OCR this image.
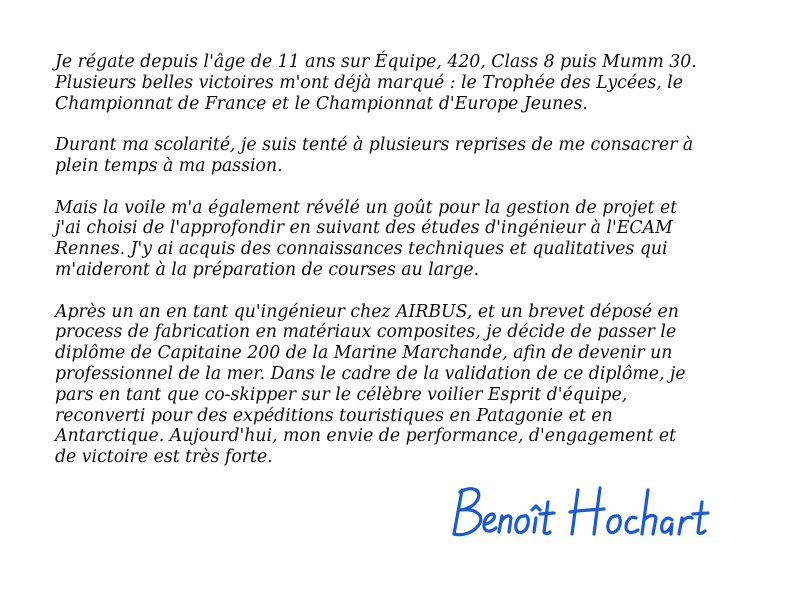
Je régate depuis l'âge de 11 ans sur Équipe, 420, Class 8 puis Mumm 30.
Plusieurs belles victoires m'ont déjà marqué : le Trophée des Lycées, le
Championnat de France et le Championnat d'Europe Jeunes.

Durant ma scolarité, je suis tenté à plusieurs reprises de me consacrer à
plein temps à ma passion.

Mais la voile m'a également révélé un goût pour la gestion de projet et
j'ai choisi de l'approfondir en suivant des études d'ingénieur à l'ECAM
Rennes. J'y ai acquis des connaissances techniques et qualitatives qui
m'aideront à la préparation de courses au large.

Après un an en tant qu'ingénieur chez AIRBUS, et un brevet déposé en
process de fabrication en matériaux composites, je décide de passer le
diplôme de Capitaine 200 de la Marine Marchande, afin de devenir un
professionnel de la mer. Dans le cadre de la validation de ce diplôme, je
pars en tant que co-skipper sur le célèbre voilier Esprit d'équipe,
reconverti pour des expéditions touristiques en Patagonie et en
Antarctique. Aujourd'hui, mon envie de performance, d'engagement et
de victoire est très forte.
